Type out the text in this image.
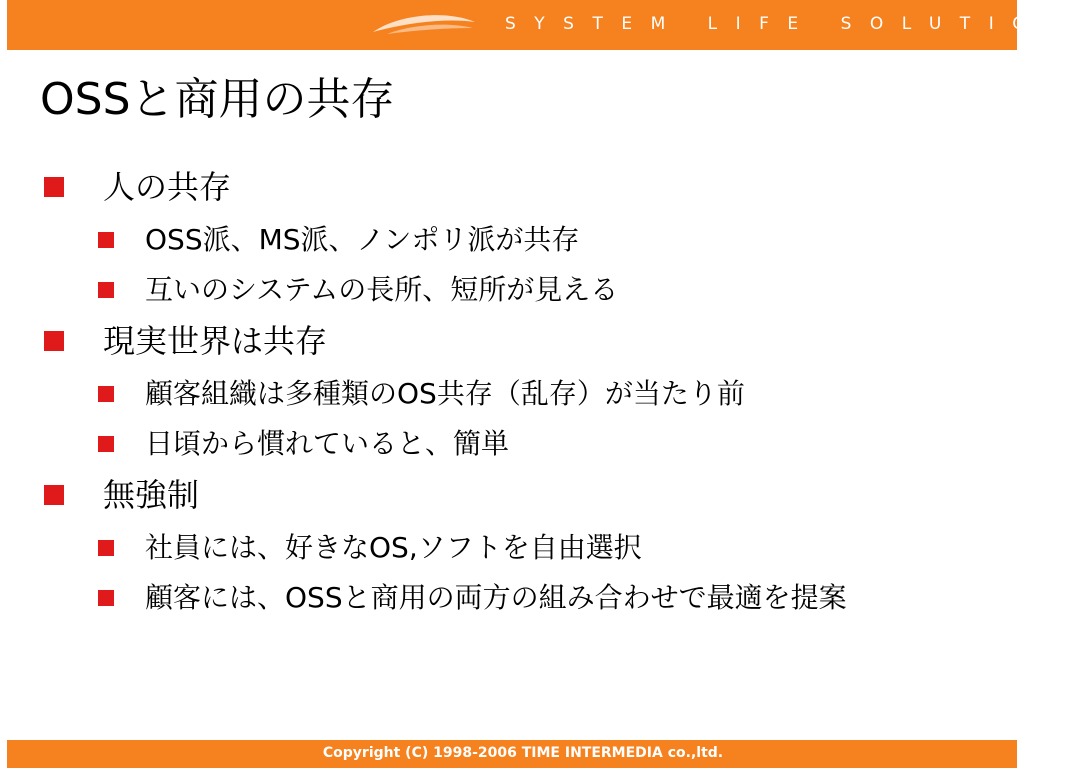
SYSTEM LIFE SOLUTION
OSSと商用の共存
人の共存
OSS派、MS派、ノンポリ派が共存
互いのシステムの長所、短所が見える
現実世界は共存
顧客組織は多種類のOS共存（乱存）が当たり前
日頃から慣れていると、簡単
無強制
社員には、好きなOS,ソフトを自由選択
顧客には、OSSと商用の両方の組み合わせで最適を提案
Copyright (C) 1998-2006 TIME INTERMEDIA co.,ltd.
